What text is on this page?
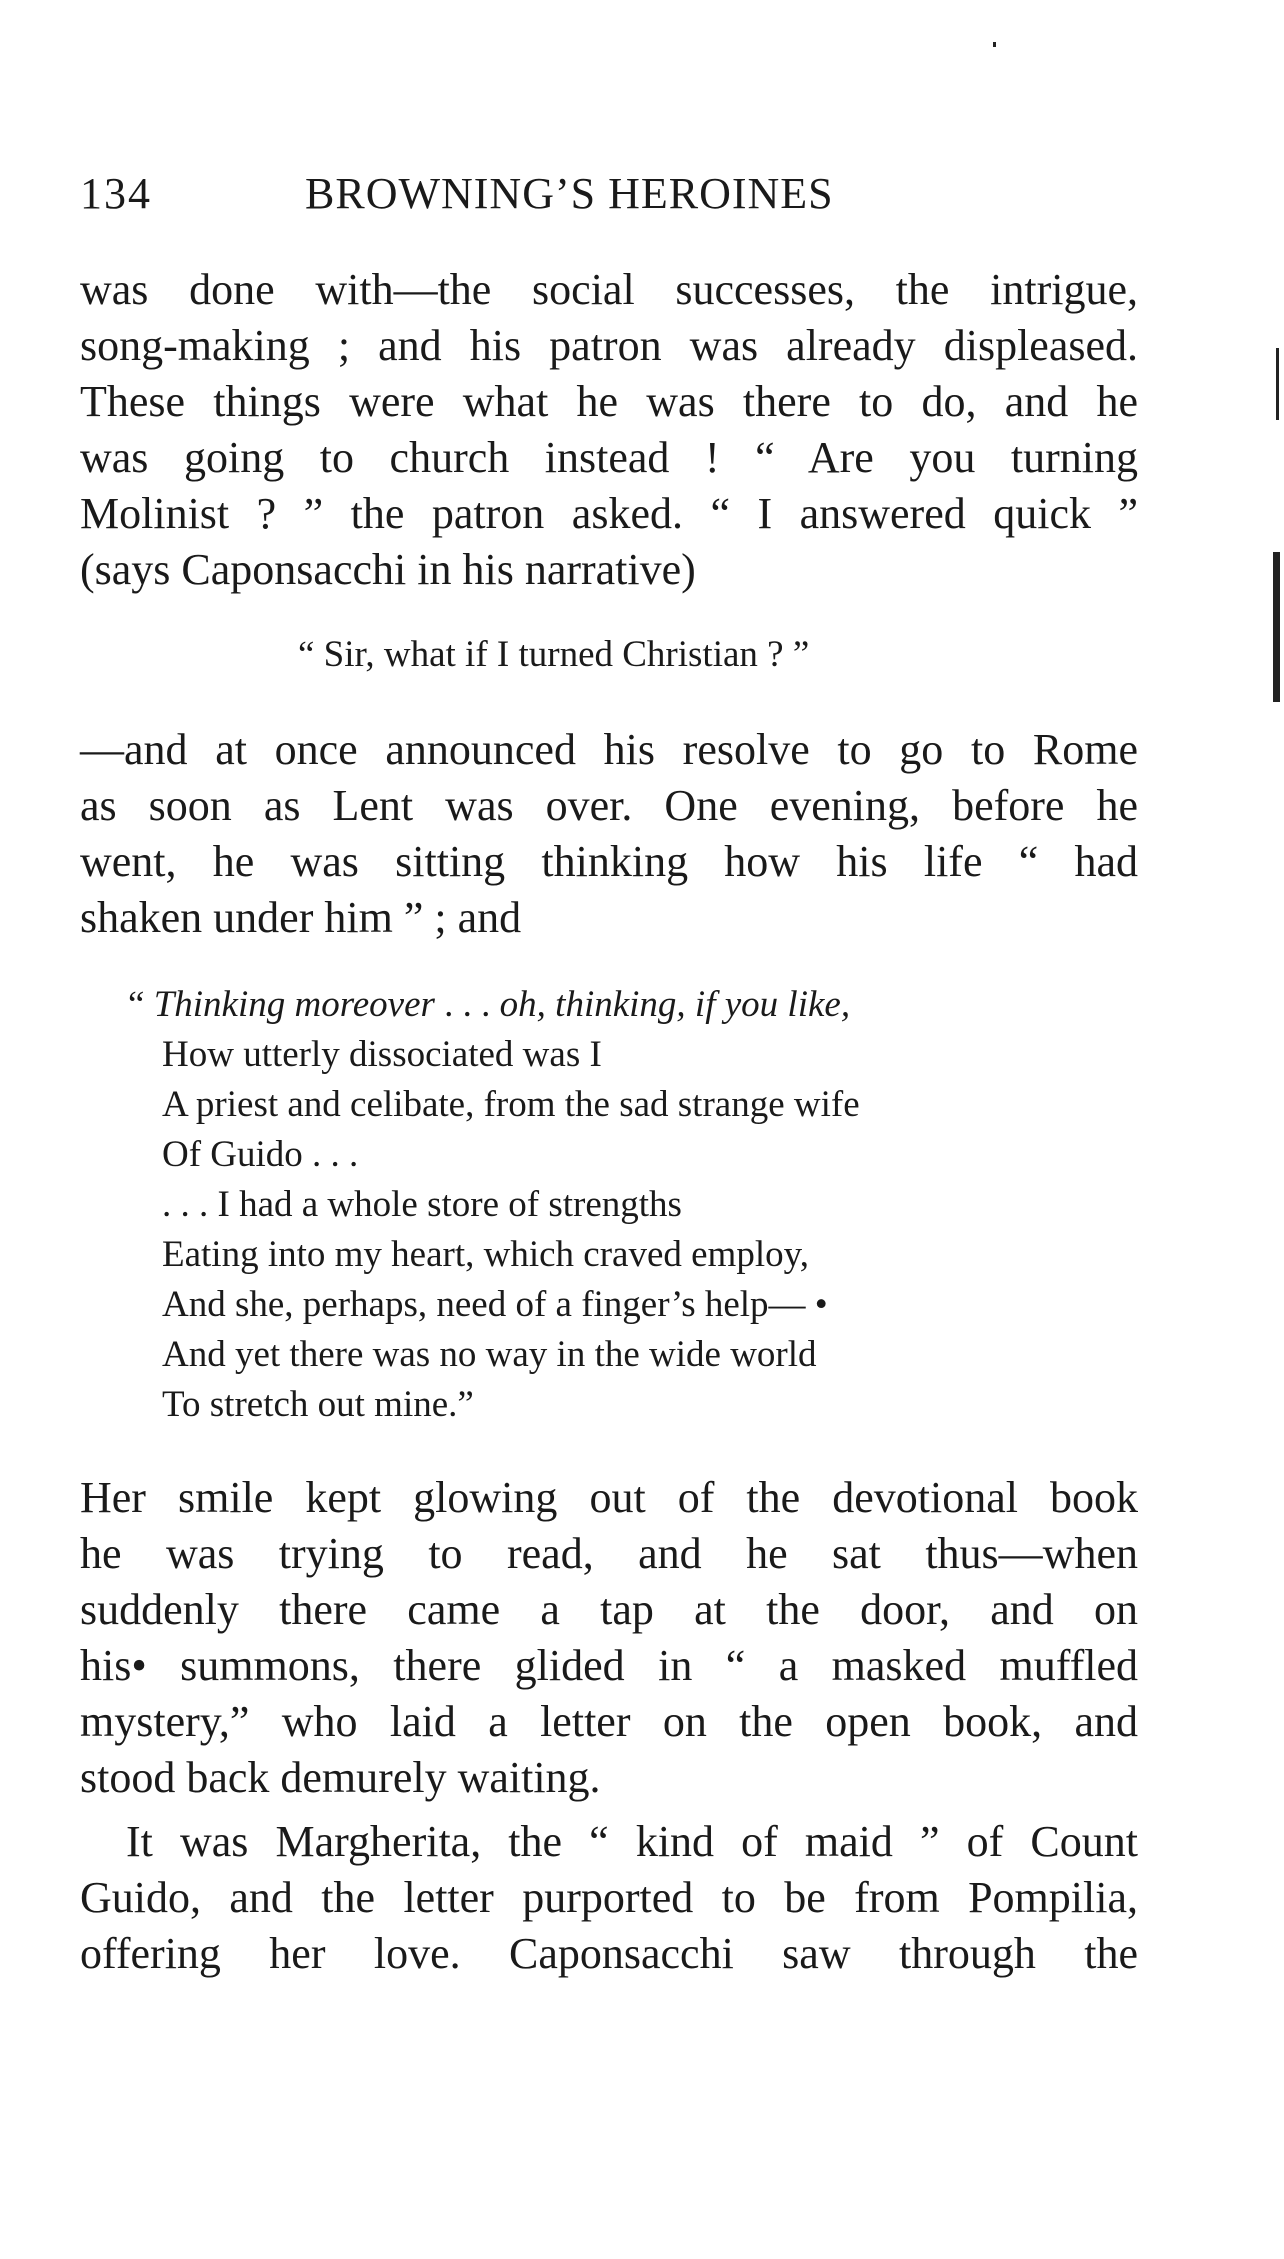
134	BROWNING’S HEROINES
was done with—the social successes, the intrigue,
song-making ; and his patron was already displeased.
These things were what he was there to do, and he
was going to church instead ! “ Are you turning
Molinist ? ” the patron asked. “ I answered quick ”
(says Caponsacchi in his narrative)
“ Sir, what if I turned Christian ? ”
—and at once announced his resolve to go to Rome
as soon as Lent was over. One evening, before he
went, he was sitting thinking how his life “ had
shaken under him ” ; and
“ Thinking moreover . . . oh, thinking, if you like,
How utterly dissociated was I
A priest and celibate, from the sad strange wife
Of Guido . . .
. . . I had a whole store of strengths
Eating into my heart, which craved employ,
And she, perhaps, need of a finger’s help— •
And yet there was no way in the wide world
To stretch out mine.”
Her smile kept glowing out of the devotional book
he was trying to read, and he sat thus—when
suddenly there came a tap at the door, and on
his• summons, there glided in “ a masked muffled
mystery,” who laid a letter on the open book, and
stood back demurely waiting.
It was Margherita, the “ kind of maid ” of Count
Guido, and the letter purported to be from Pompilia,
offering her love. Caponsacchi saw through the
